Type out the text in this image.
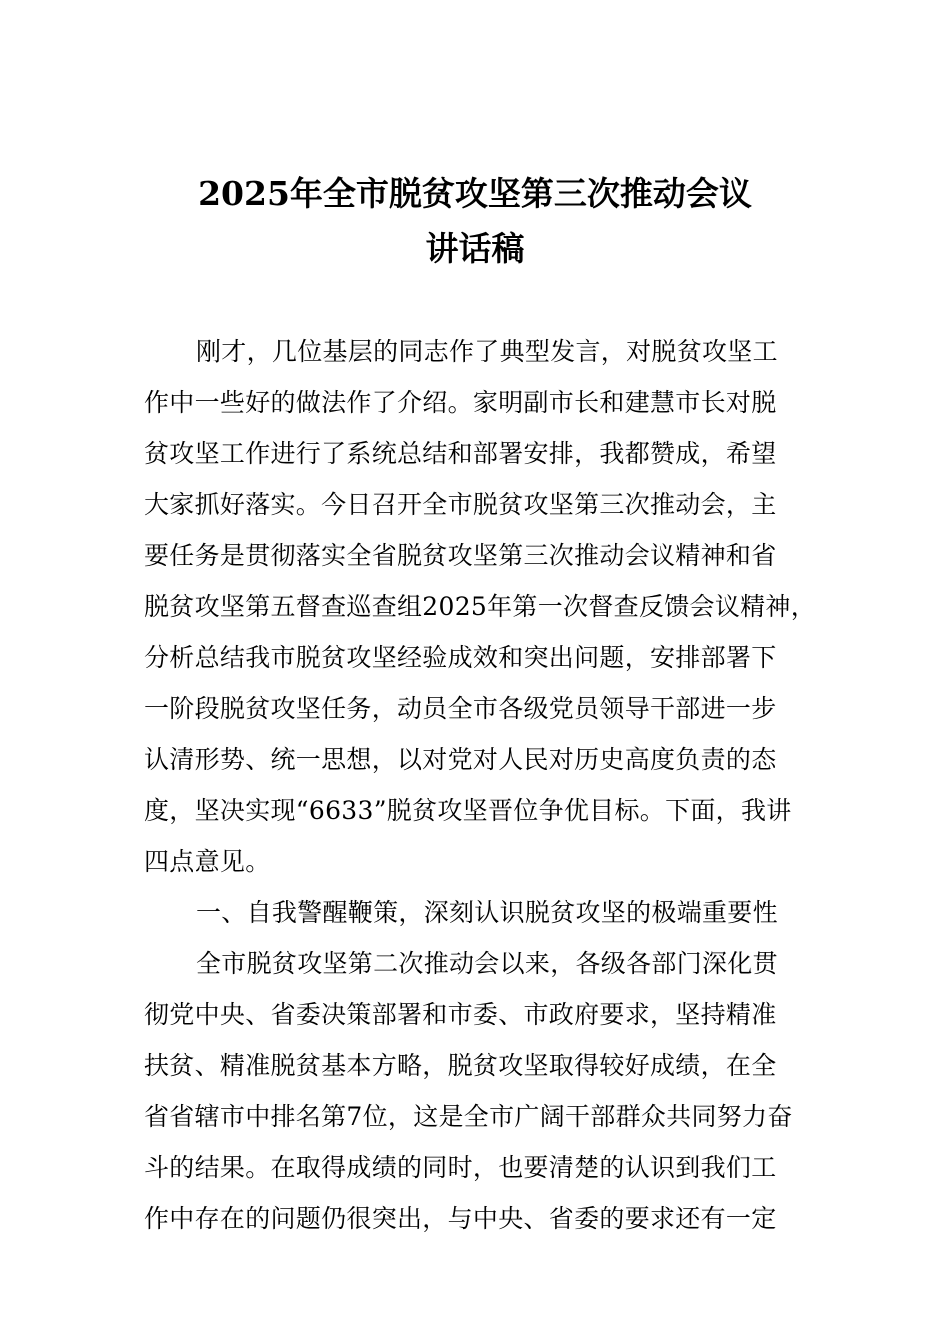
2025年全市脱贫攻坚第三次推动会议
讲话稿
刚才，几位基层的同志作了典型发言，对脱贫攻坚工
作中一些好的做法作了介绍。家明副市长和建慧市长对脱
贫攻坚工作进行了系统总结和部署安排，我都赞成，希望
大家抓好落实。今日召开全市脱贫攻坚第三次推动会，主
要任务是贯彻落实全省脱贫攻坚第三次推动会议精神和省
脱贫攻坚第五督查巡查组2025年第一次督查反馈会议精神，
分析总结我市脱贫攻坚经验成效和突出问题，安排部署下
一阶段脱贫攻坚任务，动员全市各级党员领导干部进一步
认清形势、统一思想，以对党对人民对历史高度负责的态
度，坚决实现“6633”脱贫攻坚晋位争优目标。下面，我讲
四点意见。
一、自我警醒鞭策，深刻认识脱贫攻坚的极端重要性
全市脱贫攻坚第二次推动会以来，各级各部门深化贯
彻党中央、省委决策部署和市委、市政府要求，坚持精准
扶贫、精准脱贫基本方略，脱贫攻坚取得较好成绩，在全
省省辖市中排名第7位，这是全市广阔干部群众共同努力奋
斗的结果。在取得成绩的同时，也要清楚的认识到我们工
作中存在的问题仍很突出，与中央、省委的要求还有一定
